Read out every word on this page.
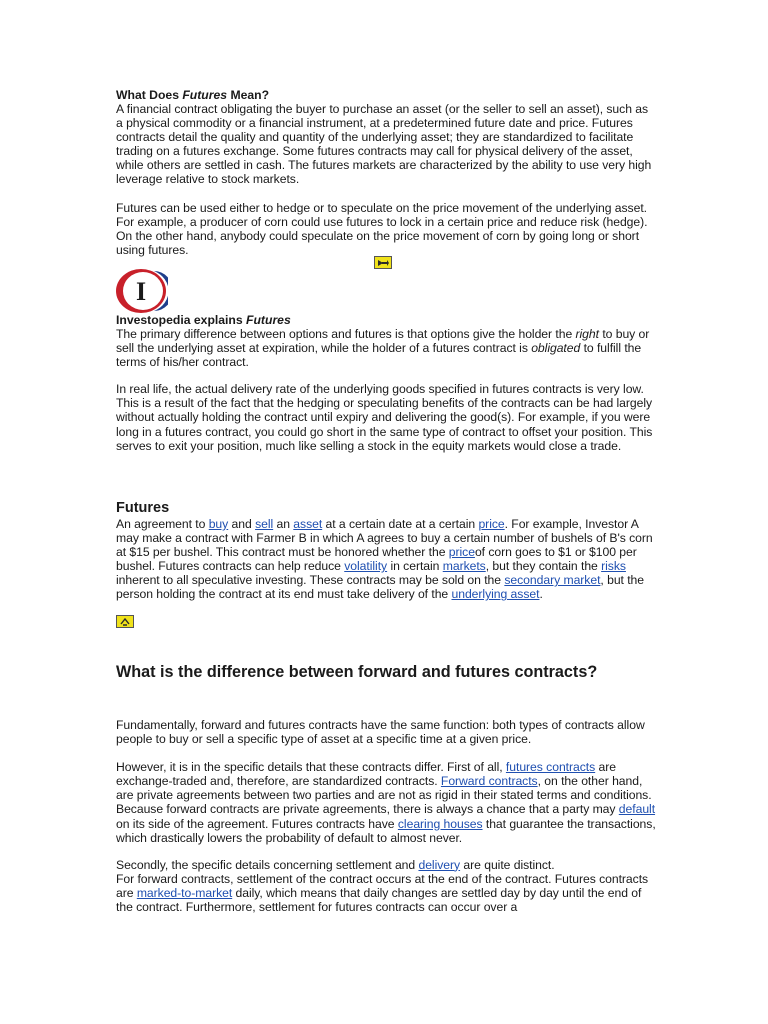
What Does Futures Mean?

A financial contract obligating the buyer to purchase an asset (or the seller to sell an asset), such as a physical commodity or a financial instrument, at a predetermined future date and price. Futures contracts detail the quality and quantity of the underlying asset; they are standardized to facilitate trading on a futures exchange. Some futures contracts may call for physical delivery of the asset, while others are settled in cash. The futures markets are characterized by the ability to use very high leverage relative to stock markets.

Futures can be used either to hedge or to speculate on the price movement of the underlying asset. For example, a producer of corn could use futures to lock in a certain price and reduce risk (hedge). On the other hand, anybody could speculate on the price movement of corn by going long or short using futures.

I
Investopedia explains Futures

The primary difference between options and futures is that options give the holder the right to buy or sell the underlying asset at expiration, while the holder of a futures contract is obligated to fulfill the terms of his/her contract.

In real life, the actual delivery rate of the underlying goods specified in futures contracts is very low. This is a result of the fact that the hedging or speculating benefits of the contracts can be had largely without actually holding the contract until expiry and delivering the good(s). For example, if you were long in a futures contract, you could go short in the same type of contract to offset your position. This serves to exit your position, much like selling a stock in the equity markets would close a trade.

Futures

An agreement to buy and sell an asset at a certain date at a certain price. For example, Investor A may make a contract with Farmer B in which A agrees to buy a certain number of bushels of B's corn at $15 per bushel. This contract must be honored whether the priceof corn goes to $1 or $100 per bushel. Futures contracts can help reduce volatility in certain markets, but they contain the risks inherent to all speculative investing. These contracts may be sold on the secondary market, but the person holding the contract at its end must take delivery of the underlying asset.

What is the difference between forward and futures contracts?

Fundamentally, forward and futures contracts have the same function: both types of contracts allow people to buy or sell a specific type of asset at a specific time at a given price.

However, it is in the specific details that these contracts differ. First of all, futures contracts are exchange-traded and, therefore, are standardized contracts. Forward contracts, on the other hand, are private agreements between two parties and are not as rigid in their stated terms and conditions. Because forward contracts are private agreements, there is always a chance that a party may default on its side of the agreement. Futures contracts have clearing houses that guarantee the transactions, which drastically lowers the probability of default to almost never.

Secondly, the specific details concerning settlement and delivery are quite distinct.

For forward contracts, settlement of the contract occurs at the end of the contract. Futures contracts are marked-to-market daily, which means that daily changes are settled day by day until the end of the contract. Furthermore, settlement for futures contracts can occur over a
